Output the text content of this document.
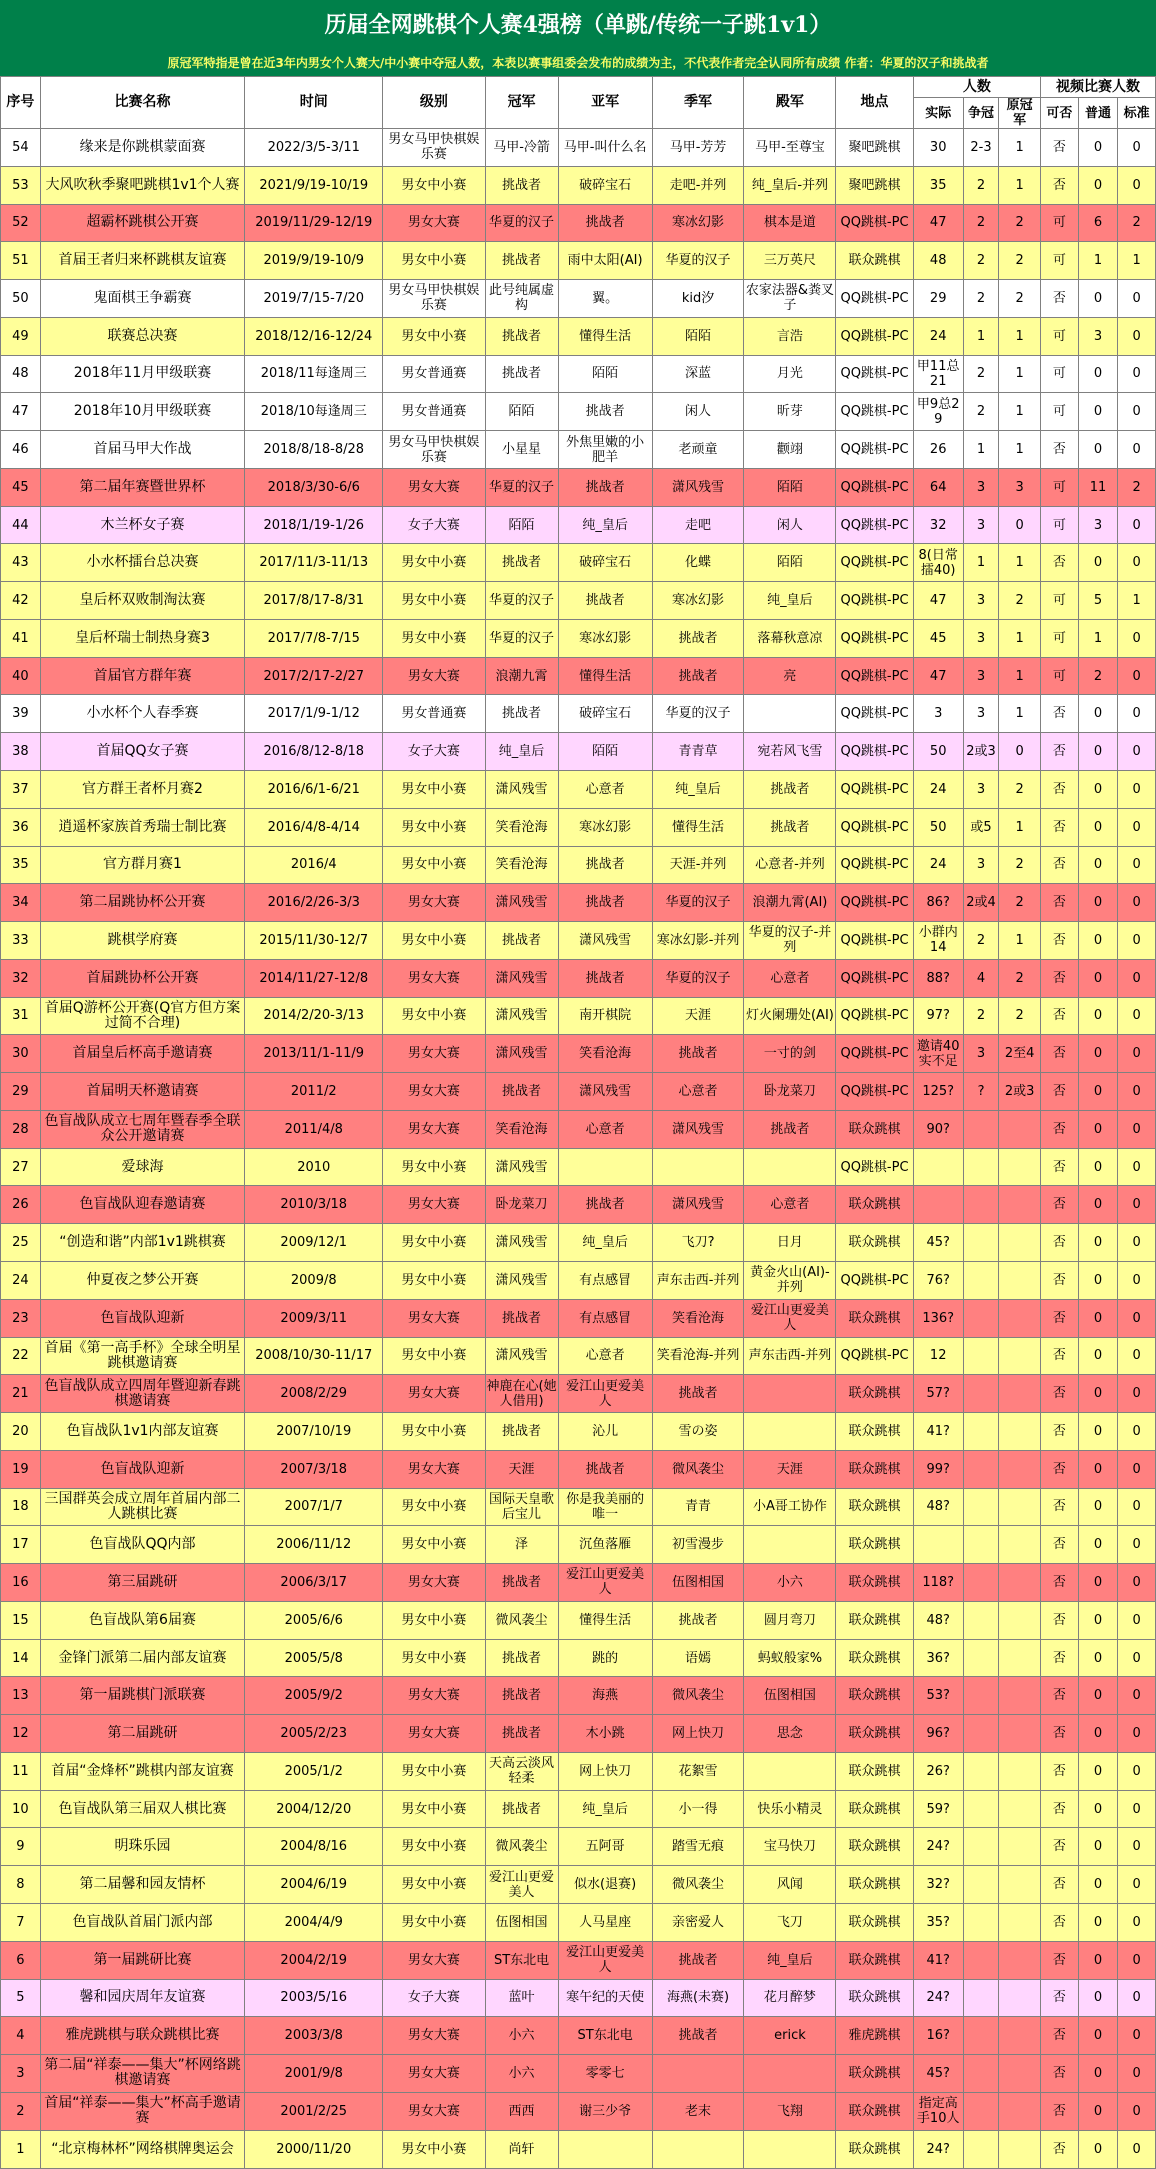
历届全网跳棋个人赛4强榜（单跳/传统一子跳1v1）
原冠军特指是曾在近3年内男女个人赛大/中小赛中夺冠人数，本表以赛事组委会发布的成绩为主，不代表作者完全认同所有成绩 作者：华夏的汉子和挑战者
序号	比赛名称	时间	级别	冠军	亚军	季军	殿军	地点	人数			视频比赛人数		
									实际	争冠	原冠军	可否	普通	标准
54	缘来是你跳棋蒙面赛	2022/3/5-3/11	男女马甲快棋娱乐赛	马甲-冷箭	马甲-叫什么名	马甲-芳芳	马甲-至尊宝	聚吧跳棋	30	2-3	1	否	0	0
53	大风吹秋季聚吧跳棋1v1个人赛	2021/9/19-10/19	男女中小赛	挑战者	破碎宝石	走吧-并列	纯_皇后-并列	聚吧跳棋	35	2	1	否	0	0
52	超霸杯跳棋公开赛	2019/11/29-12/19	男女大赛	华夏的汉子	挑战者	寒冰幻影	棋本是道	QQ跳棋-PC	47	2	2	可	6	2
51	首届王者归来杯跳棋友谊赛	2019/9/19-10/9	男女中小赛	挑战者	雨中太阳(AI)	华夏的汉子	三万英尺	联众跳棋	48	2	2	可	1	1
50	鬼面棋王争霸赛	2019/7/15-7/20	男女马甲快棋娱乐赛	此号纯属虚构	翼。	kid汐	农家法器&粪叉子	QQ跳棋-PC	29	2	2	否	0	0
49	联赛总决赛	2018/12/16-12/24	男女中小赛	挑战者	懂得生活	陌陌	言浩	QQ跳棋-PC	24	1	1	可	3	0
48	2018年11月甲级联赛	2018/11每逢周三	男女普通赛	挑战者	陌陌	深蓝	月光	QQ跳棋-PC	甲11总21	2	1	可	0	0
47	2018年10月甲级联赛	2018/10每逢周三	男女普通赛	陌陌	挑战者	闲人	昕芽	QQ跳棋-PC	甲9总29	2	1	可	0	0
46	首届马甲大作战	2018/8/18-8/28	男女马甲快棋娱乐赛	小星星	外焦里嫩的小肥羊	老顽童	颧翊	QQ跳棋-PC	26	1	1	否	0	0
45	第二届年赛暨世界杯	2018/3/30-6/6	男女大赛	华夏的汉子	挑战者	潇风残雪	陌陌	QQ跳棋-PC	64	3	3	可	11	2
44	木兰杯女子赛	2018/1/19-1/26	女子大赛	陌陌	纯_皇后	走吧	闲人	QQ跳棋-PC	32	3	0	可	3	0
43	小水杯擂台总决赛	2017/11/3-11/13	男女中小赛	挑战者	破碎宝石	化蝶	陌陌	QQ跳棋-PC	8(日常擂40)	1	1	否	0	0
42	皇后杯双败制淘汰赛	2017/8/17-8/31	男女中小赛	华夏的汉子	挑战者	寒冰幻影	纯_皇后	QQ跳棋-PC	47	3	2	可	5	1
41	皇后杯瑞士制热身赛3	2017/7/8-7/15	男女中小赛	华夏的汉子	寒冰幻影	挑战者	落幕秋意凉	QQ跳棋-PC	45	3	1	可	1	0
40	首届官方群年赛	2017/2/17-2/27	男女大赛	浪潮九霄	懂得生活	挑战者	亮	QQ跳棋-PC	47	3	1	可	2	0
39	小水杯个人春季赛	2017/1/9-1/12	男女普通赛	挑战者	破碎宝石	华夏的汉子		QQ跳棋-PC	3	3	1	否	0	0
38	首届QQ女子赛	2016/8/12-8/18	女子大赛	纯_皇后	陌陌	青青草	宛若风飞雪	QQ跳棋-PC	50	2或3	0	否	0	0
37	官方群王者杯月赛2	2016/6/1-6/21	男女中小赛	潇风残雪	心意者	纯_皇后	挑战者	QQ跳棋-PC	24	3	2	否	0	0
36	逍遥杯家族首秀瑞士制比赛	2016/4/8-4/14	男女中小赛	笑看沧海	寒冰幻影	懂得生活	挑战者	QQ跳棋-PC	50	或5	1	否	0	0
35	官方群月赛1	2016/4	男女中小赛	笑看沧海	挑战者	天涯-并列	心意者-并列	QQ跳棋-PC	24	3	2	否	0	0
34	第二届跳协杯公开赛	2016/2/26-3/3	男女大赛	潇风残雪	挑战者	华夏的汉子	浪潮九霄(AI)	QQ跳棋-PC	86?	2或4	2	否	0	0
33	跳棋学府赛	2015/11/30-12/7	男女中小赛	挑战者	潇风残雪	寒冰幻影-并列	华夏的汉子-并列	QQ跳棋-PC	小群内14	2	1	否	0	0
32	首届跳协杯公开赛	2014/11/27-12/8	男女大赛	潇风残雪	挑战者	华夏的汉子	心意者	QQ跳棋-PC	88?	4	2	否	0	0
31	首届Q游杯公开赛(Q官方但方案过简不合理)	2014/2/20-3/13	男女中小赛	潇风残雪	南开棋院	天涯	灯火阑珊处(AI)	QQ跳棋-PC	97?	2	2	否	0	0
30	首届皇后杯高手邀请赛	2013/11/1-11/9	男女大赛	潇风残雪	笑看沧海	挑战者	一寸的剑	QQ跳棋-PC	邀请40实不足	3	2至4	否	0	0
29	首届明天杯邀请赛	2011/2	男女大赛	挑战者	潇风残雪	心意者	卧龙菜刀	QQ跳棋-PC	125?	?	2或3	否	0	0
28	色盲战队成立七周年暨春季全联众公开邀请赛	2011/4/8	男女大赛	笑看沧海	心意者	潇风残雪	挑战者	联众跳棋	90?			否	0	0
27	爱球海	2010	男女中小赛	潇风残雪				QQ跳棋-PC				否	0	0
26	色盲战队迎春邀请赛	2010/3/18	男女大赛	卧龙菜刀	挑战者	潇风残雪	心意者	联众跳棋				否	0	0
25	“创造和谐”内部1v1跳棋赛	2009/12/1	男女中小赛	潇风残雪	纯_皇后	飞刀?	日月	联众跳棋	45?			否	0	0
24	仲夏夜之梦公开赛	2009/8	男女中小赛	潇风残雪	有点感冒	声东击西-并列	黄金火山(AI)-并列	QQ跳棋-PC	76?			否	0	0
23	色盲战队迎新	2009/3/11	男女大赛	挑战者	有点感冒	笑看沧海	爱江山更爱美人	联众跳棋	136?			否	0	0
22	首届《第一高手杯》全球全明星跳棋邀请赛	2008/10/30-11/17	男女中小赛	潇风残雪	心意者	笑看沧海-并列	声东击西-并列	QQ跳棋-PC	12			否	0	0
21	色盲战队成立四周年暨迎新春跳棋邀请赛	2008/2/29	男女大赛	神鹿在心(她人借用)	爱江山更爱美人	挑战者		联众跳棋	57?			否	0	0
20	色盲战队1v1内部友谊赛	2007/10/19	男女中小赛	挑战者	沁儿	雪の姿		联众跳棋	41?			否	0	0
19	色盲战队迎新	2007/3/18	男女大赛	天涯	挑战者	微风袭尘	天涯	联众跳棋	99?			否	0	0
18	三国群英会成立周年首届内部二人跳棋比赛	2007/1/7	男女中小赛	国际天皇歌后宝儿	你是我美丽的唯一	青青	小A哥工协作	联众跳棋	48?			否	0	0
17	色盲战队QQ内部	2006/11/12	男女中小赛	泽	沉鱼落雁	初雪漫步		联众跳棋				否	0	0
16	第三届跳研	2006/3/17	男女大赛	挑战者	爱江山更爱美人	伍图相国	小六	联众跳棋	118?			否	0	0
15	色盲战队第6届赛	2005/6/6	男女中小赛	微风袭尘	懂得生活	挑战者	圆月弯刀	联众跳棋	48?			否	0	0
14	金锋门派第二届内部友谊赛	2005/5/8	男女中小赛	挑战者	跳的	语嫣	蚂蚁般家%	联众跳棋	36?			否	0	0
13	第一届跳棋门派联赛	2005/9/2	男女大赛	挑战者	海燕	微风袭尘	伍图相国	联众跳棋	53?			否	0	0
12	第二届跳研	2005/2/23	男女大赛	挑战者	木小跳	网上快刀	思念	联众跳棋	96?			否	0	0
11	首届“金烽杯”跳棋内部友谊赛	2005/1/2	男女中小赛	天高云淡风轻柔	网上快刀	花絮雪		联众跳棋	26?			否	0	0
10	色盲战队第三届双人棋比赛	2004/12/20	男女中小赛	挑战者	纯_皇后	小一得	快乐小精灵	联众跳棋	59?			否	0	0
9	明珠乐园	2004/8/16	男女中小赛	微风袭尘	五阿哥	踏雪无痕	宝马快刀	联众跳棋	24?			否	0	0
8	第二届馨和园友情杯	2004/6/19	男女中小赛	爱江山更爱美人	似水(退赛)	微风袭尘	风闻	联众跳棋	32?			否	0	0
7	色盲战队首届门派内部	2004/4/9	男女中小赛	伍图相国	人马星座	亲密爱人	飞刀	联众跳棋	35?			否	0	0
6	第一届跳研比赛	2004/2/19	男女大赛	ST东北电	爱江山更爱美人	挑战者	纯_皇后	联众跳棋	41?			否	0	0
5	馨和园庆周年友谊赛	2003/5/16	女子大赛	蓝叶	寒午纪的天使	海燕(未赛)	花月醉梦	联众跳棋	24?			否	0	0
4	雅虎跳棋与联众跳棋比赛	2003/3/8	男女大赛	小六	ST东北电	挑战者	erick	雅虎跳棋	16?			否	0	0
3	第二届“祥泰——集大”杯网络跳棋邀请赛	2001/9/8	男女大赛	小六	零零七			联众跳棋	45?			否	0	0
2	首届“祥泰——集大”杯高手邀请赛	2001/2/25	男女大赛	西西	谢三少爷	老末	飞翔	联众跳棋	指定高手10人			否	0	0
1	“北京梅林杯”网络棋牌奥运会	2000/11/20	男女中小赛	尚轩				联众跳棋	24?			否	0	0
